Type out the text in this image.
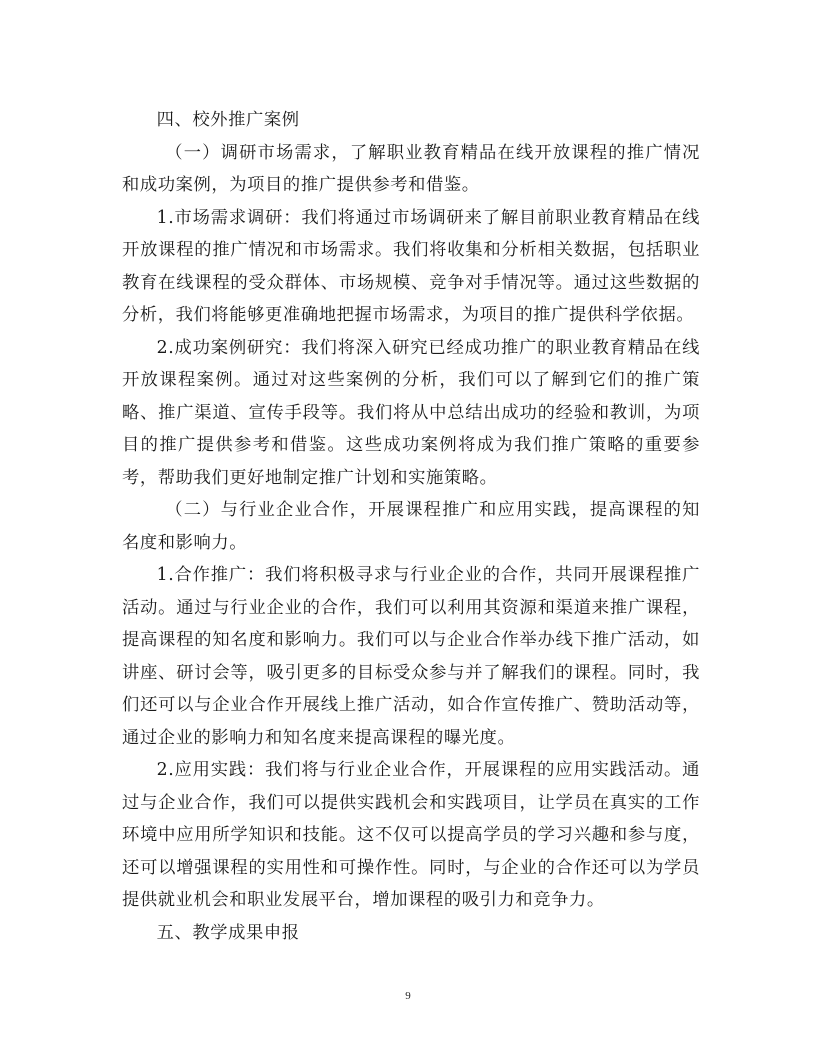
四、校外推广案例

（一）调研市场需求，了解职业教育精品在线开放课程的推广情况和成功案例，为项目的推广提供参考和借鉴。

1.市场需求调研：我们将通过市场调研来了解目前职业教育精品在线开放课程的推广情况和市场需求。我们将收集和分析相关数据，包括职业教育在线课程的受众群体、市场规模、竞争对手情况等。通过这些数据的分析，我们将能够更准确地把握市场需求，为项目的推广提供科学依据。

2.成功案例研究：我们将深入研究已经成功推广的职业教育精品在线开放课程案例。通过对这些案例的分析，我们可以了解到它们的推广策略、推广渠道、宣传手段等。我们将从中总结出成功的经验和教训，为项目的推广提供参考和借鉴。这些成功案例将成为我们推广策略的重要参考，帮助我们更好地制定推广计划和实施策略。

（二）与行业企业合作，开展课程推广和应用实践，提高课程的知名度和影响力。

1.合作推广：我们将积极寻求与行业企业的合作，共同开展课程推广活动。通过与行业企业的合作，我们可以利用其资源和渠道来推广课程，提高课程的知名度和影响力。我们可以与企业合作举办线下推广活动，如讲座、研讨会等，吸引更多的目标受众参与并了解我们的课程。同时，我们还可以与企业合作开展线上推广活动，如合作宣传推广、赞助活动等，通过企业的影响力和知名度来提高课程的曝光度。

2.应用实践：我们将与行业企业合作，开展课程的应用实践活动。通过与企业合作，我们可以提供实践机会和实践项目，让学员在真实的工作环境中应用所学知识和技能。这不仅可以提高学员的学习兴趣和参与度，还可以增强课程的实用性和可操作性。同时，与企业的合作还可以为学员提供就业机会和职业发展平台，增加课程的吸引力和竞争力。

五、教学成果申报

9
